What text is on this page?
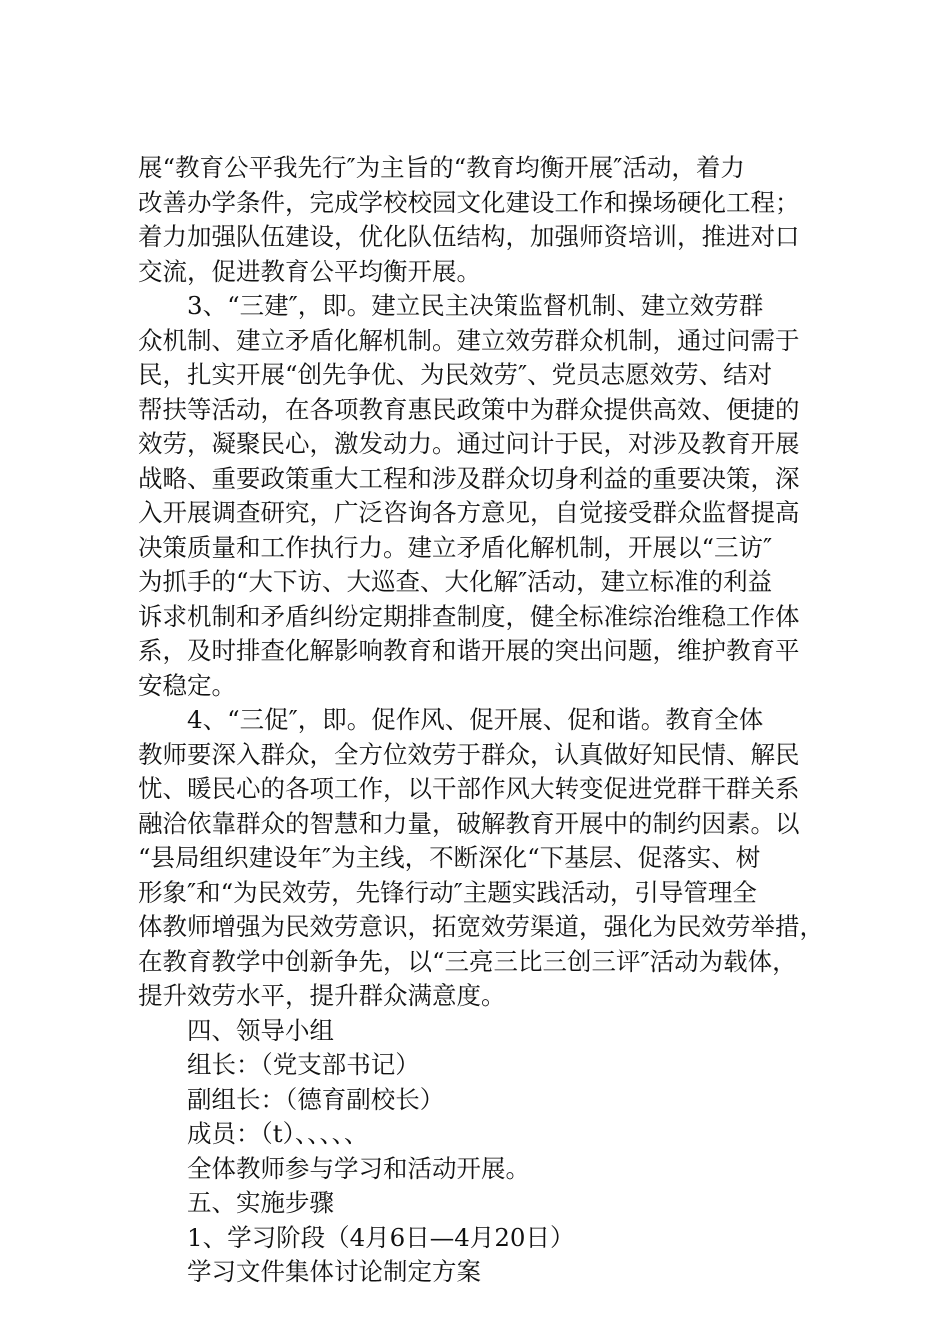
展“教育公平我先行″为主旨的“教育均衡开展″活动，着力
改善办学条件，完成学校校园文化建设工作和操场硬化工程；
着力加强队伍建设，优化队伍结构，加强师资培训，推进对口
交流，促进教育公平均衡开展。
3、“三建″，即。建立民主决策监督机制、建立效劳群
众机制、建立矛盾化解机制。建立效劳群众机制，通过问需于
民，扎实开展“创先争优、为民效劳″、党员志愿效劳、结对
帮扶等活动，在各项教育惠民政策中为群众提供高效、便捷的
效劳，凝聚民心，激发动力。通过问计于民，对涉及教育开展
战略、重要政策重大工程和涉及群众切身利益的重要决策，深
入开展调查研究，广泛咨询各方意见，自觉接受群众监督提高
决策质量和工作执行力。建立矛盾化解机制，开展以“三访″
为抓手的“大下访、大巡查、大化解″活动，建立标准的利益
诉求机制和矛盾纠纷定期排查制度，健全标准综治维稳工作体
系，及时排查化解影响教育和谐开展的突出问题，维护教育平
安稳定。
4、“三促″，即。促作风、促开展、促和谐。教育全体
教师要深入群众，全方位效劳于群众，认真做好知民情、解民
忧、暖民心的各项工作，以干部作风大转变促进党群干群关系
融洽依靠群众的智慧和力量，破解教育开展中的制约因素。以
“县局组织建设年″为主线，不断深化“下基层、促落实、树
形象″和“为民效劳，先锋行动″主题实践活动，引导管理全
体教师增强为民效劳意识，拓宽效劳渠道，强化为民效劳举措，
在教育教学中创新争先，以“三亮三比三创三评″活动为载体，
提升效劳水平，提升群众满意度。
四、领导小组
组长：（党支部书记）
副组长：（德育副校长）
成员：（t）、、、、、
全体教师参与学习和活动开展。
五、实施步骤
1、学习阶段（4月6日—4月20日）
学习文件集体讨论制定方案
